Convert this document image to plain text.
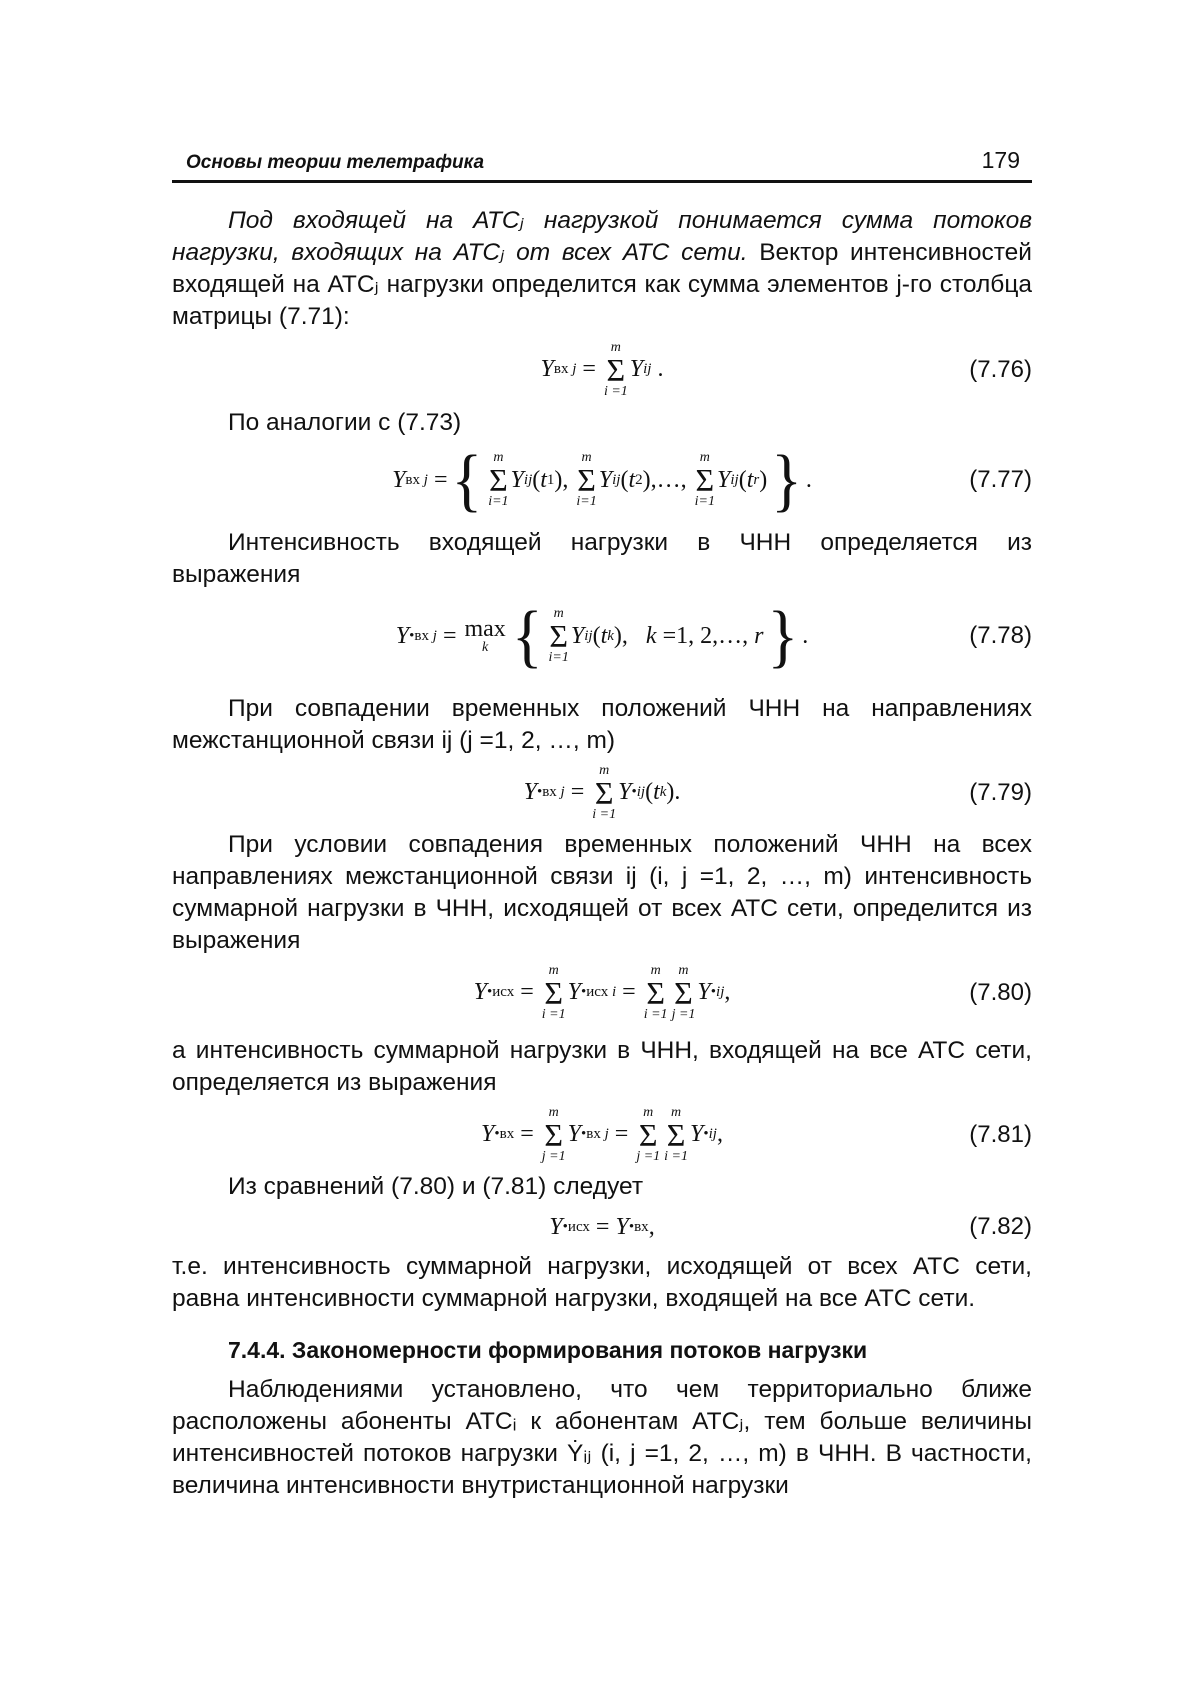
Основы теории телетрафика	179

Под входящей на АТСⱼ нагрузкой понимается сумма потоков нагрузки, входящих на АТСⱼ от всех АТС сети. Вектор интенсивностей входящей на АТСⱼ нагрузки определится как сумма элементов j-го столбца матрицы (7.71):

Y вх j
=

m
Σ
i =1
Y ij .	(7.76)

По аналогии с (7.73)

Y вх j
= { m
Σ
i=1
Y ij ( t 1 ),
m
Σ
i=1
Y ij ( t 2 ),…,
m
Σ
i=1
Y ij ( t r ) } .	(7.77)

Интенсивность входящей нагрузки в ЧНН определяется из выражения

Y • вх j
= max
k { m
Σ
i=1
Y ij ( t k ), k =1, 2,…, r } .	(7.78)

При совпадении временных положений ЧНН на направлениях межстанционной связи ij (j =1, 2, …, m)

Y • вх j
=

m
Σ
i =1
Y • ij ( t k ).	(7.79)

При условии совпадения временных положений ЧНН на всех направлениях межстанционной связи ij (i, j =1, 2, …, m) интенсивность суммарной нагрузки в ЧНН, исходящей от всех АТС сети, определится из выражения

Y • исх
=

m
Σ
i =1
Y • исх i
=

m
Σ
i =1
m
Σ
j =1
Y • ij ,	(7.80)

а интенсивность суммарной нагрузки в ЧНН, входящей на все АТС сети, определяется из выражения

Y • вх
=

m
Σ
j =1
Y • вх j
=

m
Σ
j =1
m
Σ
i =1
Y • ij ,	(7.81)

Из сравнений (7.80) и (7.81) следует

Y • исх
= Y • вх ,	(7.82)

т.е. интенсивность суммарной нагрузки, исходящей от всех АТС сети, равна интенсивности суммарной нагрузки, входящей на все АТС сети.

7.4.4. Закономерности формирования потоков нагрузки

Наблюдениями установлено, что чем территориально ближе расположены абоненты АТСᵢ к абонентам АТСⱼ, тем больше величины интенсивностей потоков нагрузки Ẏᵢⱼ (i, j =1, 2, …, m) в ЧНН. В частности, величина интенсивности внутристанционной нагрузки
